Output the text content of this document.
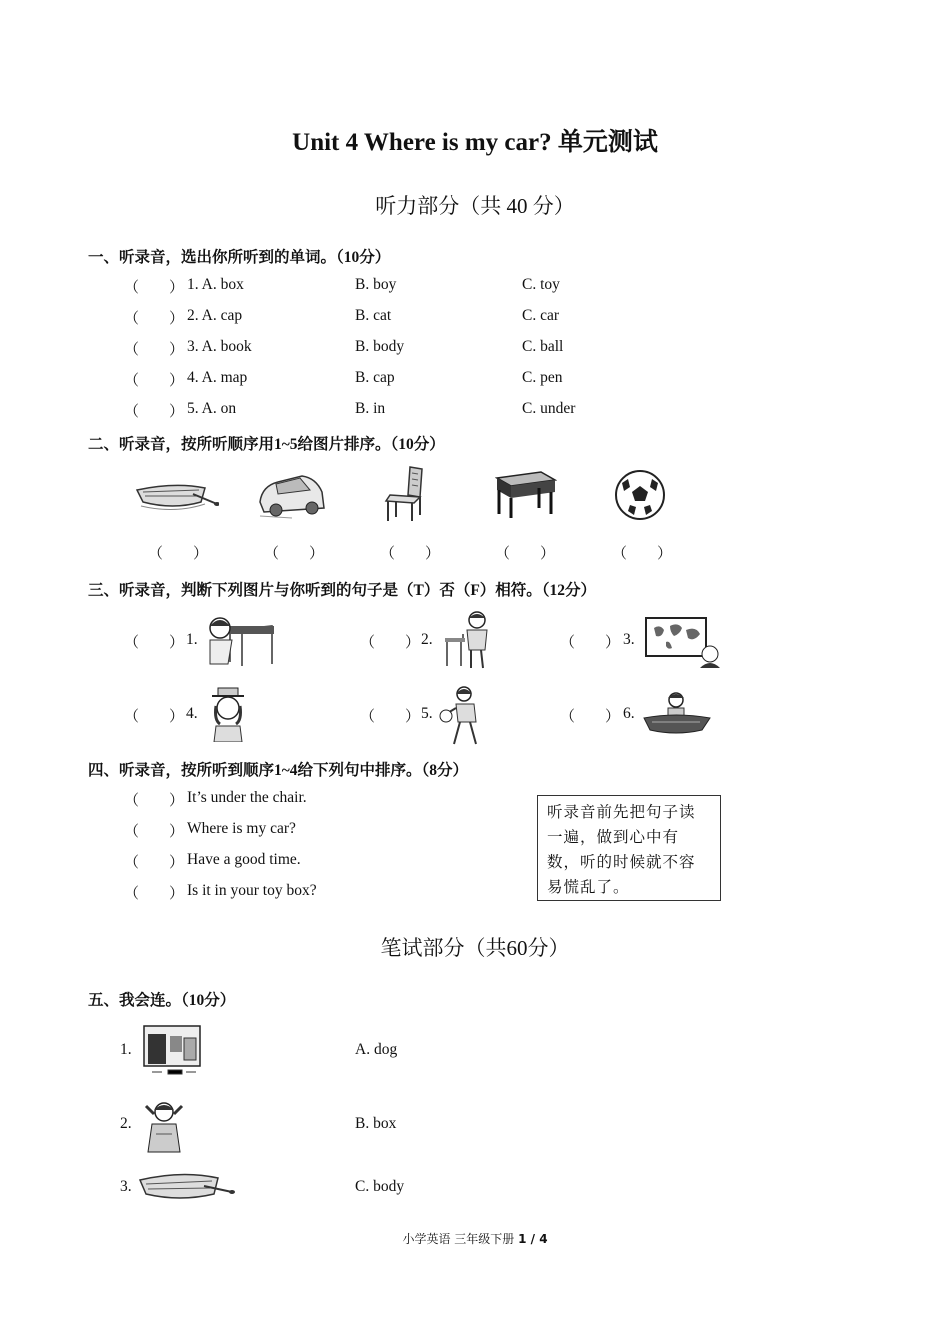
Unit 4 Where is my car? 单元测试
听力部分（共 40 分）
一、听录音，选出你所听到的单词。（10分）
（　　） 1. A. box	B. boy	C. toy
（　　） 2. A. cap	B. cat	C. car
（　　） 3. A. book	B. body	C. ball
（　　） 4. A. map	B. cap	C. pen
（　　） 5. A. on	B. in	C. under
二、听录音，按所听顺序用1~5给图片排序。（10分）
（　　）	（　　）	（　　）	（　　）	（　　）
三、听录音，判断下列图片与你听到的句子是（T）否（F）相符。（12分）
（　　） 1.	（　　） 2.	（　　） 3.
（　　） 4.	（　　） 5.	（　　） 6.
四、听录音，按所听到顺序1~4给下列句中排序。（8分）
（　　） It’s under the chair.
（　　） Where is my car?
（　　） Have a good time.
（　　） Is it in your toy box?
听录音前先把句子读一遍，做到心中有数，听的时候就不容易慌乱了。
笔试部分（共60分）
五、我会连。（10分）
1.	A. dog
2.	B. box
3.	C. body
小学英语 三年级下册 1 / 4
